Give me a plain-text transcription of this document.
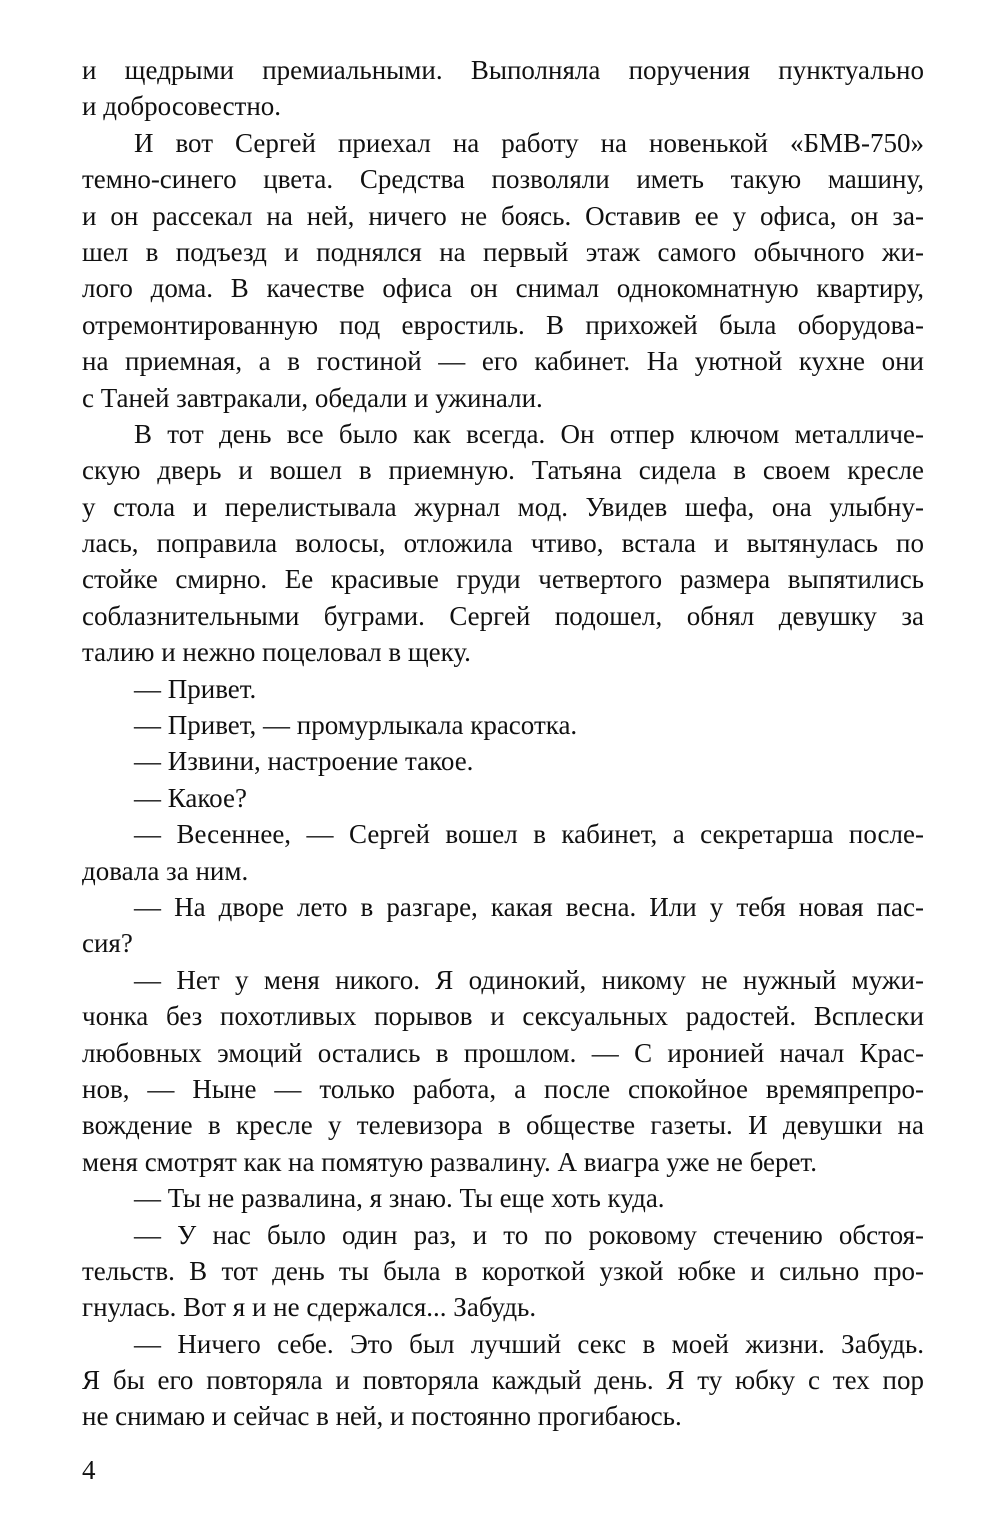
и щедрыми премиальными. Выполняла поручения пунктуально
и добросовестно.
И вот Сергей приехал на работу на новенькой «БМВ-750»
темно-синего цвета. Средства позволяли иметь такую машину,
и он рассекал на ней, ничего не боясь. Оставив ее у офиса, он за-
шел в подъезд и поднялся на первый этаж самого обычного жи-
лого дома. В качестве офиса он снимал однокомнатную квартиру,
отремонтированную под евростиль. В прихожей была оборудова-
на приемная, а в гостиной — его кабинет. На уютной кухне они
с Таней завтракали, обедали и ужинали.
В тот день все было как всегда. Он отпер ключом металличе-
скую дверь и вошел в приемную. Татьяна сидела в своем кресле
у стола и перелистывала журнал мод. Увидев шефа, она улыбну-
лась, поправила волосы, отложила чтиво, встала и вытянулась по
стойке смирно. Ее красивые груди четвертого размера выпятились
соблазнительными буграми. Сергей подошел, обнял девушку за
талию и нежно поцеловал в щеку.
— Привет.
— Привет, — промурлыкала красотка.
— Извини, настроение такое.
— Какое?
— Весеннее, — Сергей вошел в кабинет, а секретарша после-
довала за ним.
— На дворе лето в разгаре, какая весна. Или у тебя новая пас-
сия?
— Нет у меня никого. Я одинокий, никому не нужный мужи-
чонка без похотливых порывов и сексуальных радостей. Всплески
любовных эмоций остались в прошлом. — С иронией начал Крас-
нов, — Ныне — только работа, а после спокойное времяпрепро-
вождение в кресле у телевизора в обществе газеты. И девушки на
меня смотрят как на помятую развалину. А виагра уже не берет.
— Ты не развалина, я знаю. Ты еще хоть куда.
— У нас было один раз, и то по роковому стечению обстоя-
тельств. В тот день ты была в короткой узкой юбке и сильно про-
гнулась. Вот я и не сдержался... Забудь.
— Ничего себе. Это был лучший секс в моей жизни. Забудь.
Я бы его повторяла и повторяла каждый день. Я ту юбку с тех пор
не снимаю и сейчас в ней, и постоянно прогибаюсь.
4
